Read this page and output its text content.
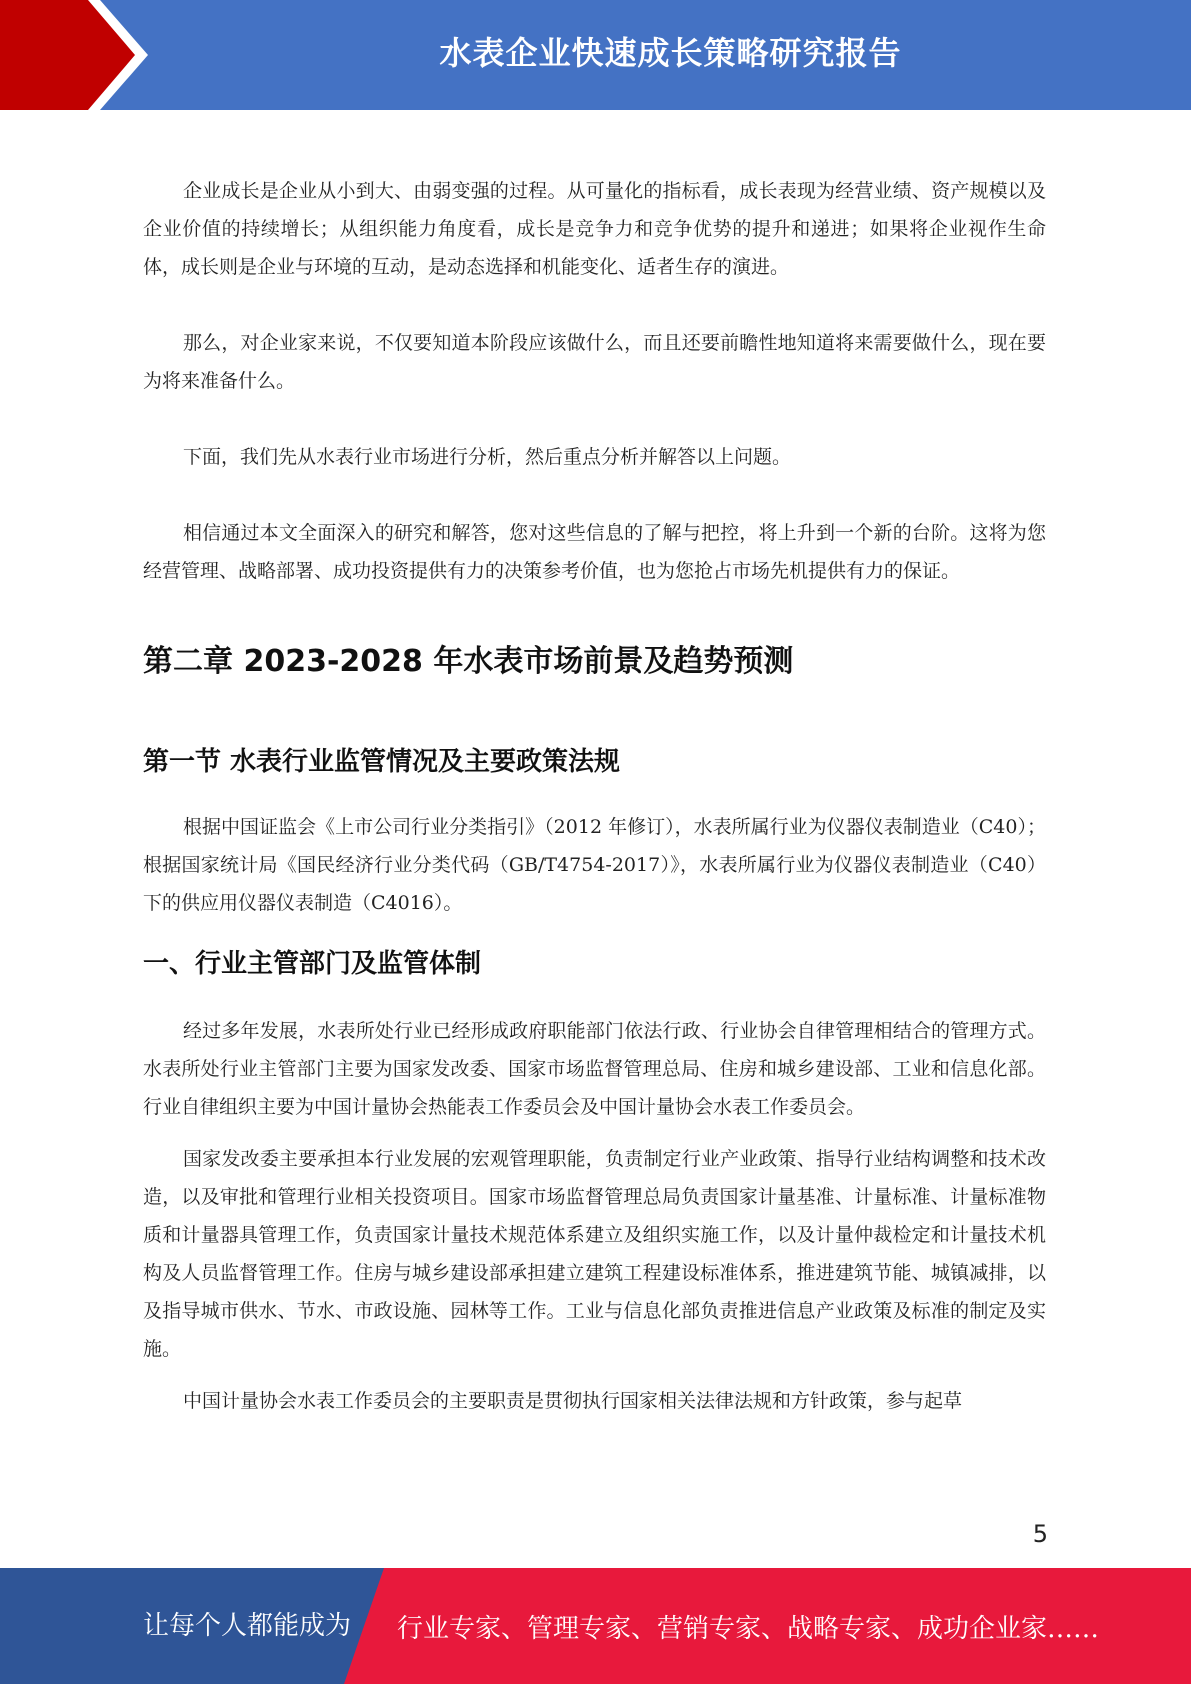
水表企业快速成长策略研究报告

企业成长是企业从小到大、由弱变强的过程。从可量化的指标看，成长表现为经营业绩、资产规模以及企业价值的持续增长；从组织能力角度看，成长是竞争力和竞争优势的提升和递进；如果将企业视作生命体，成长则是企业与环境的互动，是动态选择和机能变化、适者生存的演进。

那么，对企业家来说，不仅要知道本阶段应该做什么，而且还要前瞻性地知道将来需要做什么，现在要为将来准备什么。

下面，我们先从水表行业市场进行分析，然后重点分析并解答以上问题。

相信通过本文全面深入的研究和解答，您对这些信息的了解与把控，将上升到一个新的台阶。这将为您经营管理、战略部署、成功投资提供有力的决策参考价值，也为您抢占市场先机提供有力的保证。

第二章 2023-2028 年水表市场前景及趋势预测
第一节 水表行业监管情况及主要政策法规

根据中国证监会《上市公司行业分类指引》（2012 年修订），水表所属行业为仪器仪表制造业（C40）；根据国家统计局《国民经济行业分类代码（GB/T4754-2017）》，水表所属行业为仪器仪表制造业（C40）下的供应用仪器仪表制造（C4016）。

一、行业主管部门及监管体制

经过多年发展，水表所处行业已经形成政府职能部门依法行政、行业协会自律管理相结合的管理方式。水表所处行业主管部门主要为国家发改委、国家市场监督管理总局、住房和城乡建设部、工业和信息化部。行业自律组织主要为中国计量协会热能表工作委员会及中国计量协会水表工作委员会。

国家发改委主要承担本行业发展的宏观管理职能，负责制定行业产业政策、指导行业结构调整和技术改造，以及审批和管理行业相关投资项目。国家市场监督管理总局负责国家计量基准、计量标准、计量标准物质和计量器具管理工作，负责国家计量技术规范体系建立及组织实施工作，以及计量仲裁检定和计量技术机构及人员监督管理工作。住房与城乡建设部承担建立建筑工程建设标准体系，推进建筑节能、城镇减排，以及指导城市供水、节水、市政设施、园林等工作。工业与信息化部负责推进信息产业政策及标准的制定及实施。

中国计量协会水表工作委员会的主要职责是贯彻执行国家相关法律法规和方针政策，参与起草

5
让每个人都能成为 行业专家、管理专家、营销专家、战略专家、成功企业家……
